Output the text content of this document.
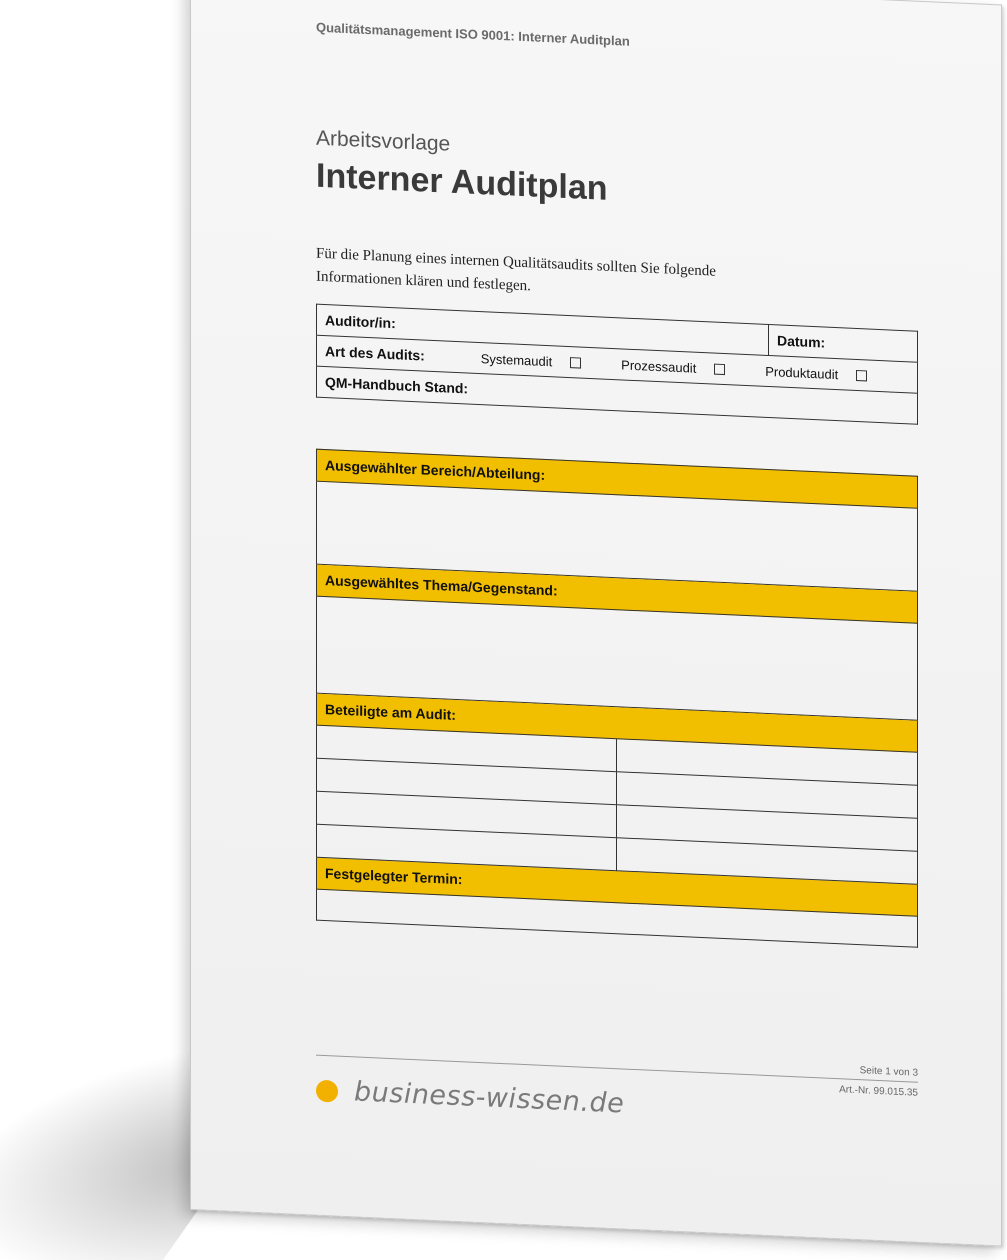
Qualitätsmanagement ISO 9001: Interner Auditplan
Arbeitsvorlage
Interner Auditplan
Für die Planung eines internen Qualitätsaudits sollten Sie folgende Informationen klären und festlegen.
Auditor/in:	Datum:
Art des Audits:	Systemaudit	Prozessaudit	Produktaudit
QM-Handbuch Stand:
Ausgewählter Bereich/Abteilung:
Ausgewähltes Thema/Gegenstand:
Beteiligte am Audit:
Festgelegter Termin:
Seite 1 von 3
Art.-Nr. 99.015.35
business-wissen.de
